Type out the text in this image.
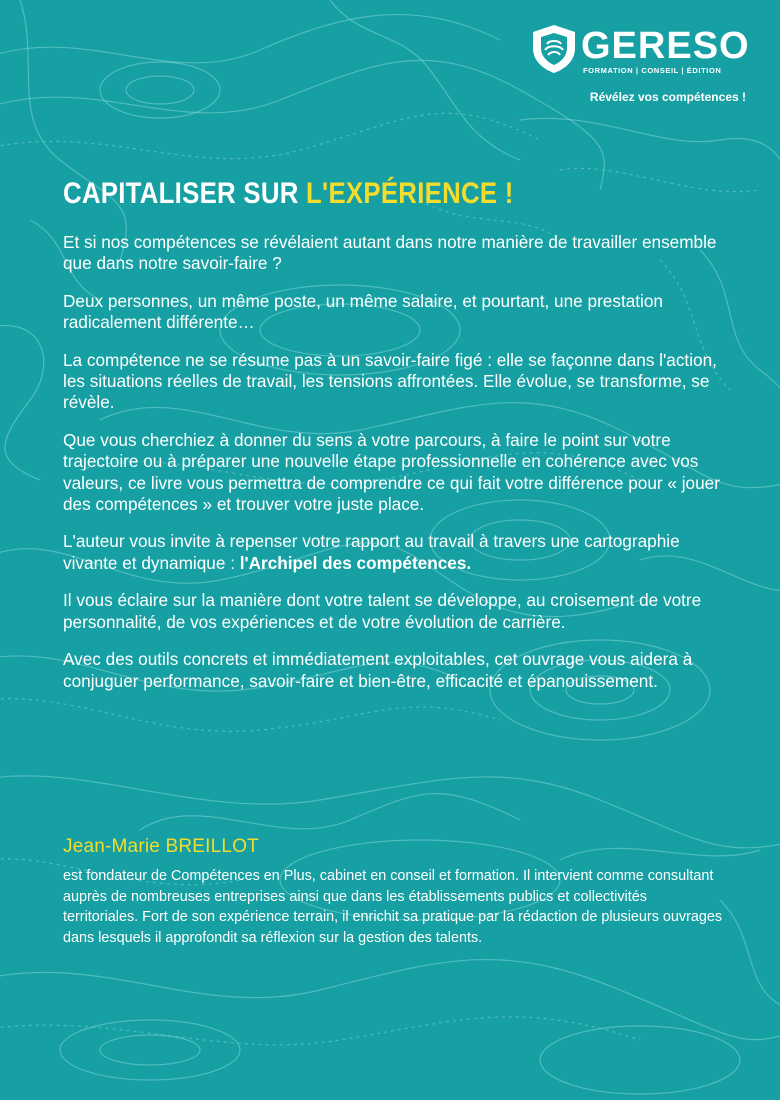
GERESO
FORMATION | CONSEIL | ÉDITION
Révélez vos compétences !
CAPITALISER SUR L'EXPÉRIENCE !

Et si nos compétences se révélaient autant dans notre manière de travailler ensemble que dans notre savoir-faire ?

Deux personnes, un même poste, un même salaire, et pourtant, une prestation radicalement différente…

La compétence ne se résume pas à un savoir-faire figé : elle se façonne dans l'action, les situations réelles de travail, les tensions affrontées. Elle évolue, se transforme, se révèle.

Que vous cherchiez à donner du sens à votre parcours, à faire le point sur votre trajectoire ou à préparer une nouvelle étape professionnelle en cohérence avec vos valeurs, ce livre vous permettra de comprendre ce qui fait votre différence pour « jouer des compétences » et trouver votre juste place.

L'auteur vous invite à repenser votre rapport au travail à travers une cartographie vivante et dynamique : l'Archipel des compétences.

Il vous éclaire sur la manière dont votre talent se développe, au croisement de votre personnalité, de vos expériences et de votre évolution de carrière.

Avec des outils concrets et immédiatement exploitables, cet ouvrage vous aidera à conjuguer performance, savoir-faire et bien-être, efficacité et épanouissement.

Jean-Marie BREILLOT

est fondateur de Compétences en Plus, cabinet en conseil et formation. Il intervient comme consultant auprès de nombreuses entreprises ainsi que dans les établissements publics et collectivités territoriales. Fort de son expérience terrain, il enrichit sa pratique par la rédaction de plusieurs ouvrages dans lesquels il approfondit sa réflexion sur la gestion des talents.
